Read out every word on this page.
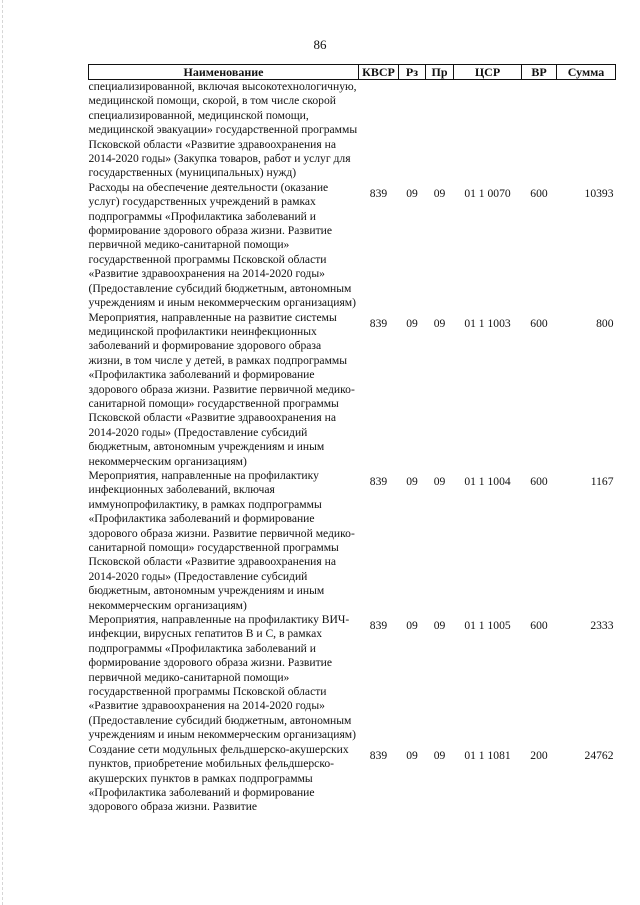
86
Наименование	КВСР	Рз	Пр	ЦСР	ВР	Сумма
специализированной, включая высокотехнологичную, медицинской помощи, скорой, в том числе скорой специализированной, медицинской помощи, медицинской эвакуации» государственной программы Псковской области «Развитие здравоохранения на 2014-2020 годы» (Закупка товаров, работ и услуг для государственных (муниципальных) нужд)						
Расходы на обеспечение деятельности (оказание услуг) государственных учреждений в рамках подпрограммы «Профилактика заболеваний и формирование здорового образа жизни. Развитие первичной медико-санитарной помощи» государственной программы Псковской области «Развитие здравоохранения на 2014-2020 годы» (Предоставление субсидий бюджетным, автономным учреждениям и иным некоммерческим организациям)	839	09	09	01 1 0070	600	10393
Мероприятия, направленные на развитие системы медицинской профилактики неинфекционных заболеваний и формирование здорового образа жизни, в том числе у детей, в рамках подпрограммы «Профилактика заболеваний и формирование здорового образа жизни. Развитие первичной медико-санитарной помощи» государственной программы Псковской области «Развитие здравоохранения на 2014-2020 годы» (Предоставление субсидий бюджетным, автономным учреждениям и иным некоммерческим организациям)	839	09	09	01 1 1003	600	800
Мероприятия, направленные на профилактику инфекционных заболеваний, включая иммунопрофилактику, в рамках подпрограммы «Профилактика заболеваний и формирование здорового образа жизни. Развитие первичной медико-санитарной помощи» государственной программы Псковской области «Развитие здравоохранения на 2014-2020 годы» (Предоставление субсидий бюджетным, автономным учреждениям и иным некоммерческим организациям)	839	09	09	01 1 1004	600	1167
Мероприятия, направленные на профилактику ВИЧ-инфекции, вирусных гепатитов В и С, в рамках подпрограммы «Профилактика заболеваний и формирование здорового образа жизни. Развитие первичной медико-санитарной помощи» государственной программы Псковской области «Развитие здравоохранения на 2014-2020 годы» (Предоставление субсидий бюджетным, автономным учреждениям и иным некоммерческим организациям)	839	09	09	01 1 1005	600	2333
Создание сети модульных фельдшерско-акушерских пунктов, приобретение мобильных фельдшерско-акушерских пунктов в рамках подпрограммы «Профилактика заболеваний и формирование здорового образа жизни. Развитие	839	09	09	01 1 1081	200	24762
